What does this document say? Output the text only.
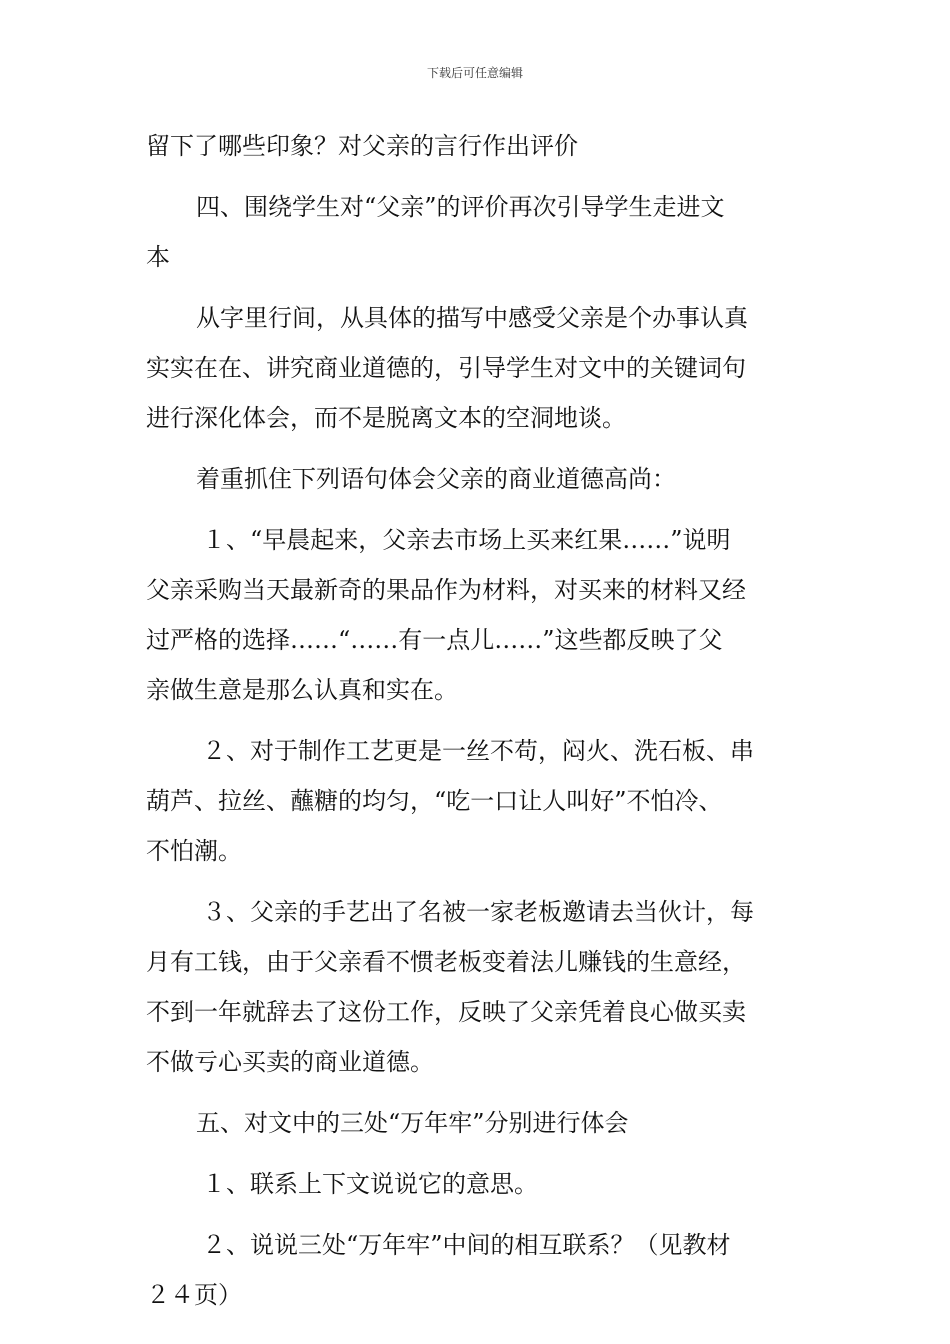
下载后可任意编辑
留下了哪些印象？对父亲的言行作出评价
四、围绕学生对“父亲”的评价再次引导学生走进文
本
从字里行间，从具体的描写中感受父亲是个办事认真
实实在在、讲究商业道德的，引导学生对文中的关键词句
进行深化体会，而不是脱离文本的空洞地谈。
着重抓住下列语句体会父亲的商业道德高尚：
１、“早晨起来，父亲去市场上买来红果……”说明
父亲采购当天最新奇的果品作为材料，对买来的材料又经
过严格的选择……“……有一点儿……”这些都反映了父
亲做生意是那么认真和实在。
２、对于制作工艺更是一丝不苟，闷火、洗石板、串
葫芦、拉丝、蘸糖的均匀，“吃一口让人叫好”不怕冷、
不怕潮。
３、父亲的手艺出了名被一家老板邀请去当伙计，每
月有工钱，由于父亲看不惯老板变着法儿赚钱的生意经，
不到一年就辞去了这份工作，反映了父亲凭着良心做买卖
不做亏心买卖的商业道德。
五、对文中的三处“万年牢”分别进行体会
１、联系上下文说说它的意思。
２、说说三处“万年牢”中间的相互联系？（见教材
２４页）
